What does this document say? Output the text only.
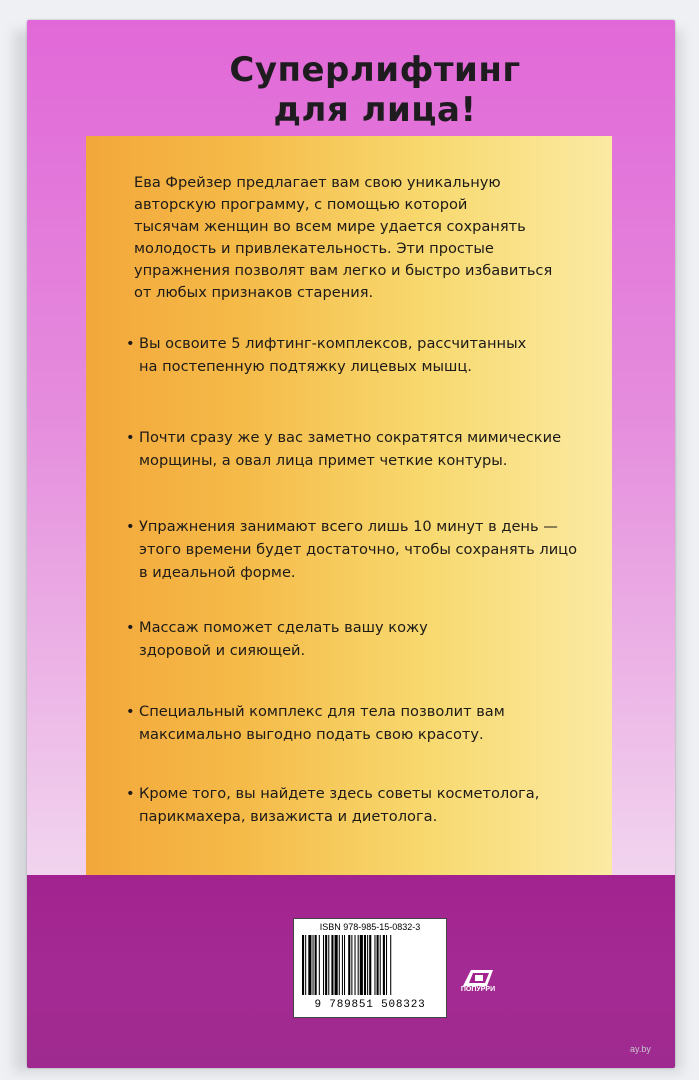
Суперлифтинг
для лица!
Ева Фрейзер предлагает вам свою уникальную
авторскую программу, с помощью которой
тысячам женщин во всем мире удается сохранять
молодость и привлекательность. Эти простые
упражнения позволят вам легко и быстро избавиться
от любых признаков старения.
• Вы освоите 5 лифтинг-комплексов, рассчитанных
на постепенную подтяжку лицевых мышц.
• Почти сразу же у вас заметно сократятся мимические
морщины, а овал лица примет четкие контуры.
• Упражнения занимают всего лишь 10 минут в день —
этого времени будет достаточно, чтобы сохранять лицо
в идеальной форме.
• Массаж поможет сделать вашу кожу
здоровой и сияющей.
• Специальный комплекс для тела позволит вам
максимально выгодно подать свою красоту.
• Кроме того, вы найдете здесь советы косметолога,
парикмахера, визажиста и диетолога.
ISBN 978-985-15-0832-3
9 789851 508323
ПОПУРРИ
ay.by
